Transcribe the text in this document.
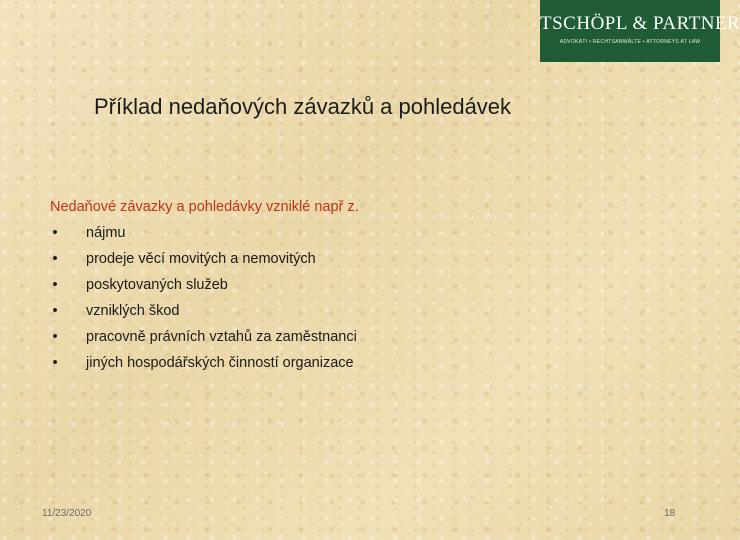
TSCHÖPL & PARTNER
ADVOKÁTI • RECHTSANWÄLTE • ATTORNEYS AT LAW
Příklad nedaňových závazků a pohledávek
Nedaňové závazky a pohledávky vzniklé např z.
• nájmu
• prodeje věcí movitých a nemovitých
• poskytovaných služeb
• vzniklých škod
• pracovně právních vztahů za zaměstnanci
• jiných hospodářských činností organizace
11/23/2020	18
